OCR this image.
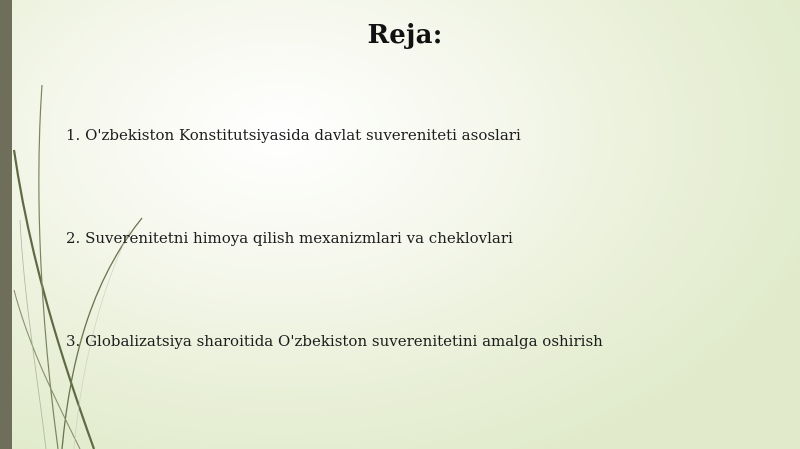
Reja:
1. O'zbekiston Konstitutsiyasida davlat suvereniteti asoslari
2. Suverenitetni himoya qilish mexanizmlari va cheklovlari
3. Globalizatsiya sharoitida O'zbekiston suverenitetini amalga oshirish
